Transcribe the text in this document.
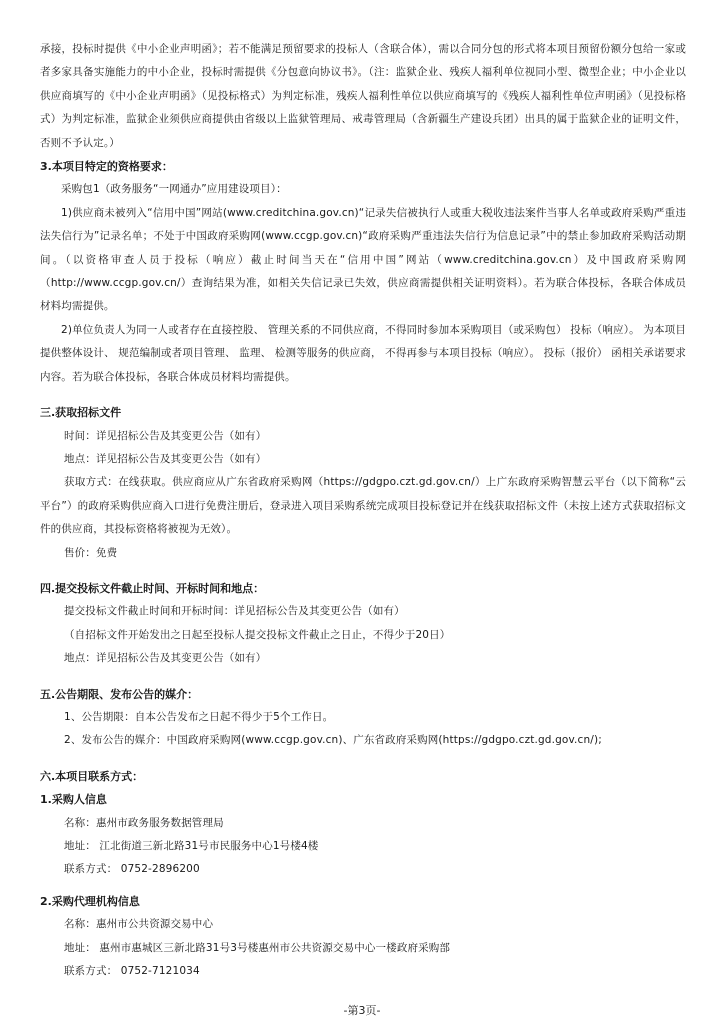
承接，投标时提供《中小企业声明函》；若不能满足预留要求的投标人（含联合体），需以合同分包的形式将本项目预留份额分包给一家或者多家具备实施能力的中小企业，投标时需提供《分包意向协议书》。（注：监狱企业、残疾人福利单位视同小型、微型企业；中小企业以供应商填写的《中小企业声明函》（见投标格式）为判定标准，残疾人福利性单位以供应商填写的《残疾人福利性单位声明函》（见投标格式）为判定标准，监狱企业须供应商提供由省级以上监狱管理局、戒毒管理局（含新疆生产建设兵团）出具的属于监狱企业的证明文件，否则不予认定。）

3.本项目特定的资格要求：

采购包1（政务服务“一网通办”应用建设项目）：

1)供应商未被列入“信用中国”网站(www.creditchina.gov.cn)“记录失信被执行人或重大税收违法案件当事人名单或政府采购严重违法失信行为”记录名单；不处于中国政府采购网(www.ccgp.gov.cn)“政府采购严重违法失信行为信息记录”中的禁止参加政府采购活动期间。（以资格审查人员于投标（响应）截止时间当天在“信用中国”网站（www.creditchina.gov.cn）及中国政府采购网（http://www.ccgp.gov.cn/）查询结果为准，如相关失信记录已失效，供应商需提供相关证明资料）。若为联合体投标，各联合体成员材料均需提供。

2)单位负责人为同一人或者存在直接控股、 管理关系的不同供应商，不得同时参加本采购项目（或采购包） 投标（响应）。 为本项目提供整体设计、 规范编制或者项目管理、 监理、 检测等服务的供应商， 不得再参与本项目投标（响应）。 投标（报价） 函相关承诺要求内容。若为联合体投标，各联合体成员材料均需提供。

三.获取招标文件

时间：详见招标公告及其变更公告（如有）

地点：详见招标公告及其变更公告（如有）

获取方式：在线获取。供应商应从广东省政府采购网（https://gdgpo.czt.gd.gov.cn/）上广东政府采购智慧云平台（以下简称“云平台”）的政府采购供应商入口进行免费注册后，登录进入项目采购系统完成项目投标登记并在线获取招标文件（未按上述方式获取招标文件的供应商，其投标资格将被视为无效）。

售价：免费

四.提交投标文件截止时间、开标时间和地点：

提交投标文件截止时间和开标时间：详见招标公告及其变更公告（如有）

（自招标文件开始发出之日起至投标人提交投标文件截止之日止，不得少于20日）

地点：详见招标公告及其变更公告（如有）

五.公告期限、发布公告的媒介：

1、公告期限：自本公告发布之日起不得少于5个工作日。

2、发布公告的媒介：中国政府采购网(www.ccgp.gov.cn)、广东省政府采购网(https://gdgpo.czt.gd.gov.cn/);

六.本项目联系方式：

1.采购人信息

名称：惠州市政务服务数据管理局

地址： 江北街道三新北路31号市民服务中心1号楼4楼

联系方式： 0752-2896200

2.采购代理机构信息

名称：惠州市公共资源交易中心

地址： 惠州市惠城区三新北路31号3号楼惠州市公共资源交易中心一楼政府采购部

联系方式： 0752-7121034

-第3页-
